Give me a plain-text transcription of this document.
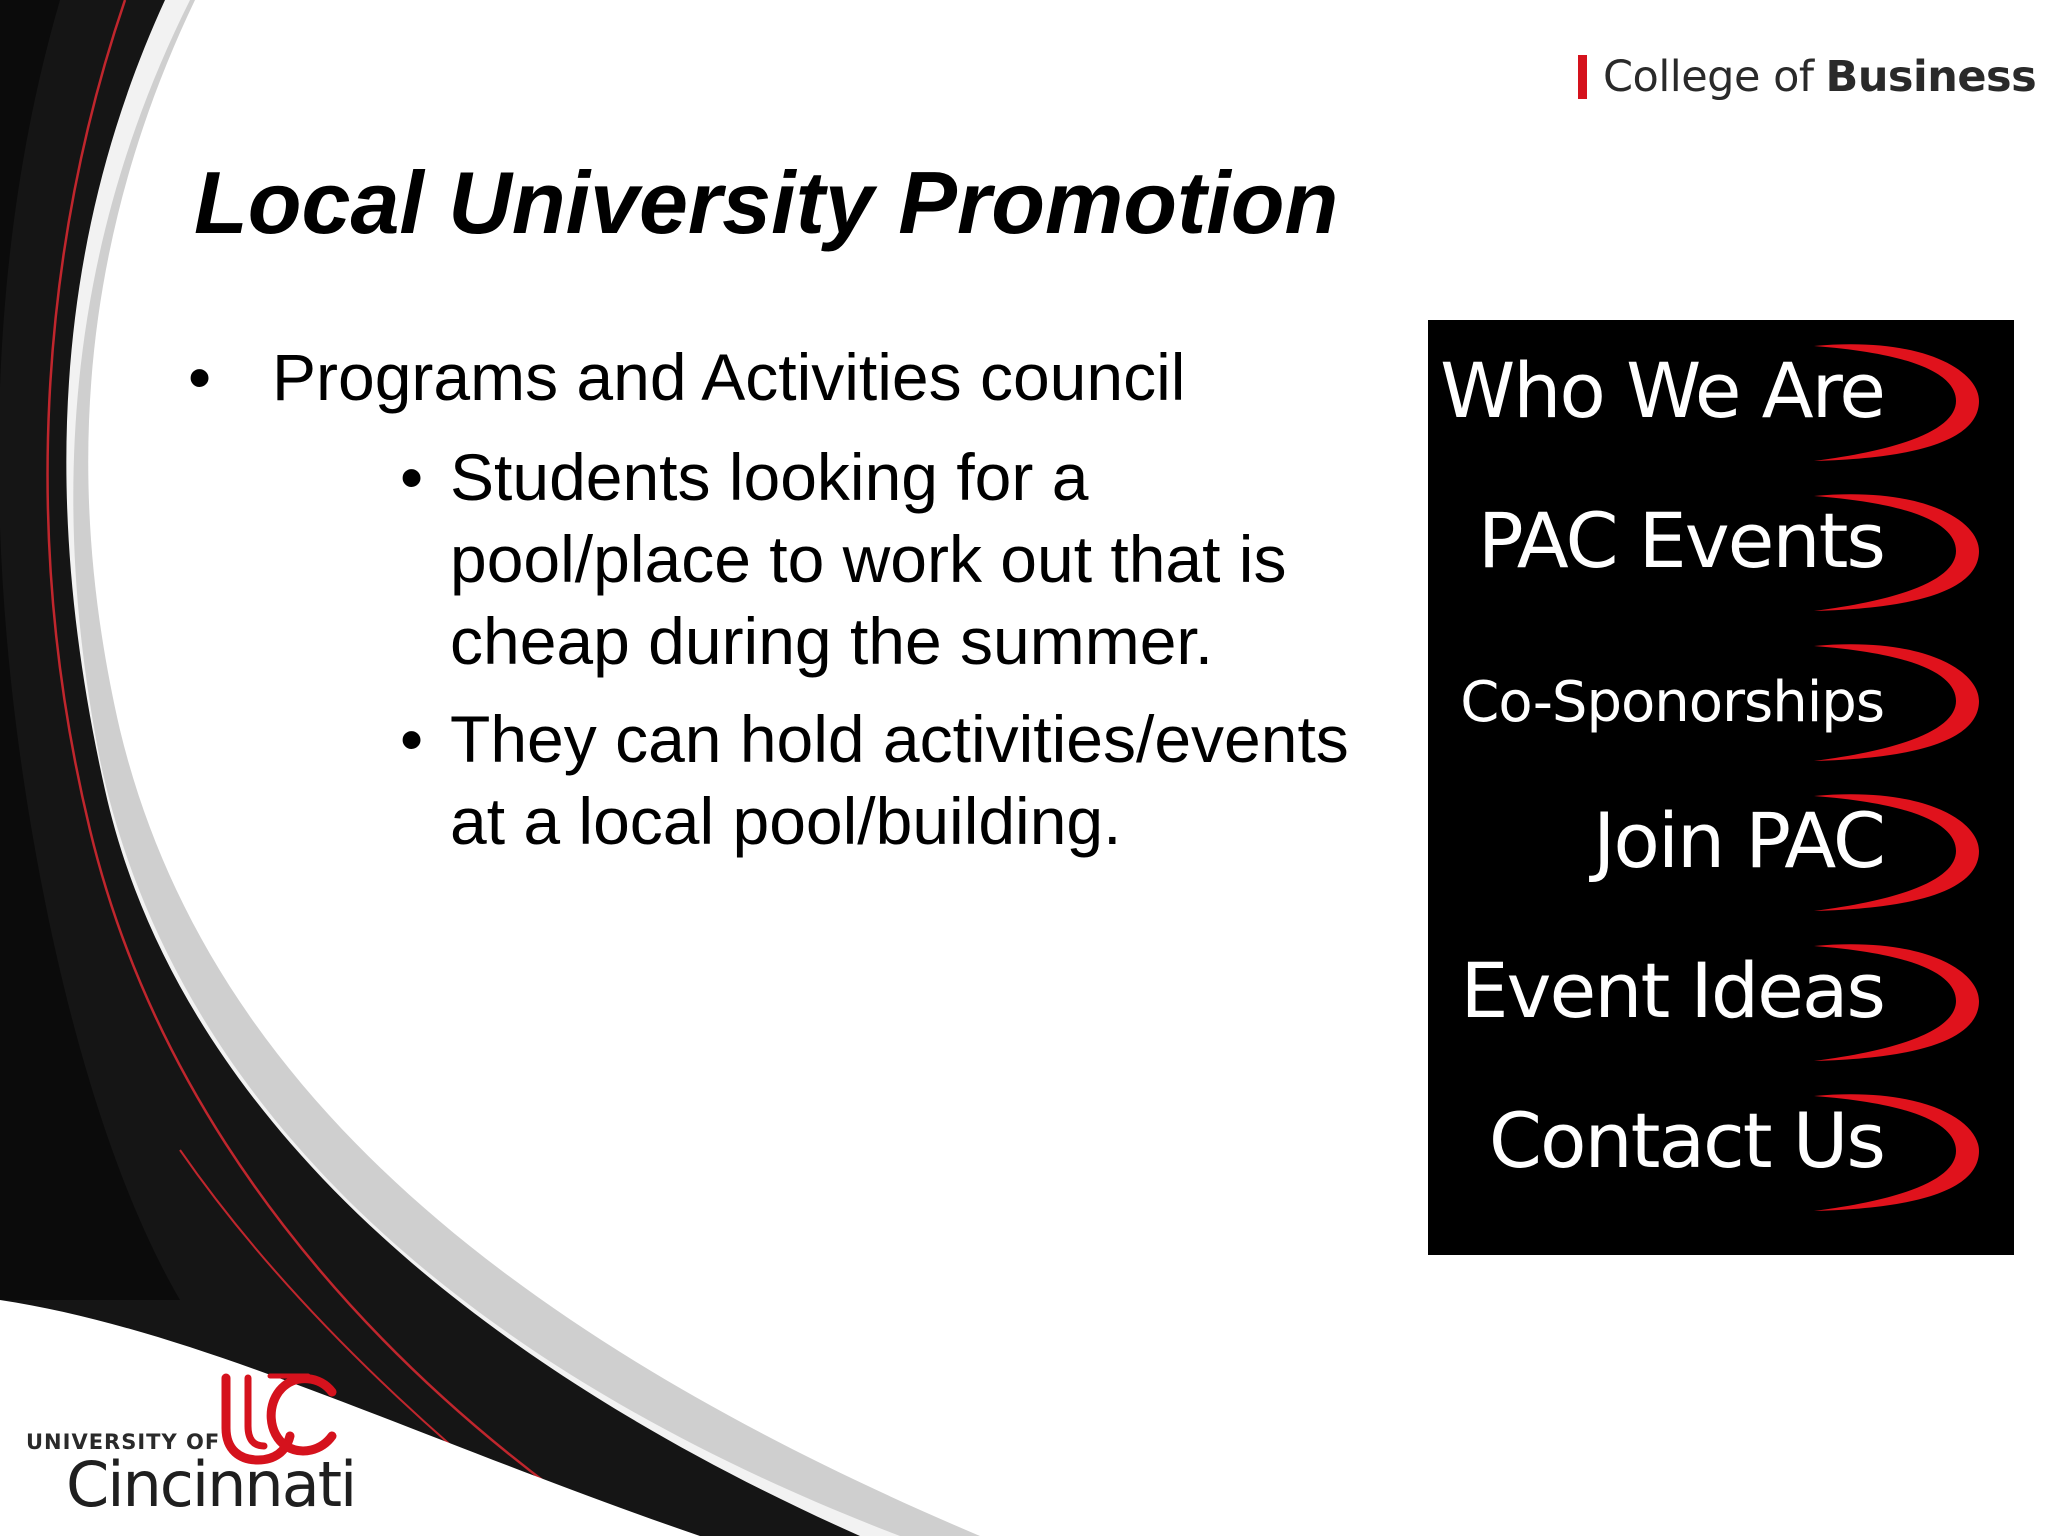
College of Business
Local University Promotion
• Programs and Activities council
• Students looking for a pool/place to work out that is cheap during the summer.
• They can hold activities/events at a local pool/building.
Who We Are
PAC Events
Co-Sponorships
Join PAC
Event Ideas
Contact Us
UNIVERSITY OF
Cincinnati
